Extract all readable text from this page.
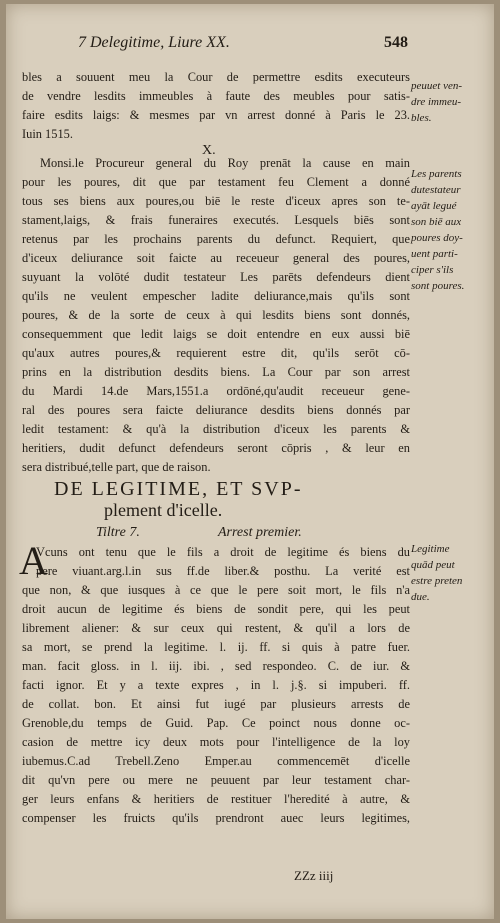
7 Delegitime, Liure XX.	548
bles a souuent meu la Cour de permettre esdits executeurs
de vendre lesdits immeubles à faute des meubles pour satis-
faire esdits laigs: & mesmes par vn arrest donné à Paris le 23.
Iuin 1515.
peuuet ven-
dre immeu-
bles.
X.
Monsi.le Procureur general du Roy prenāt la cause en main
pour les poures, dit que par testament feu Clement a donné
tous ses biens aux poures,ou biē le reste d'iceux apres son te-
stament,laigs, & frais funeraires executés. Lesquels biēs sont
retenus par les prochains parents du defunct. Requiert, que
d'iceux deliurance soit faicte au receueur general des poures,
suyuant la volōté dudit testateur Les parēts defendeurs dient
qu'ils ne veulent empescher ladite deliurance,mais qu'ils sont
poures, & de la sorte de ceux à qui lesdits biens sont donnés,
consequemment que ledit laigs se doit entendre en eux aussi biē
qu'aux autres poures,& requierent estre dit, qu'ils serōt cō-
prins en la distribution desdits biens. La Cour par son arrest
du Mardi 14.de Mars,1551.a ordōné,qu'audit receueur gene-
ral des poures sera faicte deliurance desdits biens donnés par
ledit testament: & qu'à la distribution d'iceux les parents &
heritiers, dudit defunct defendeurs seront cōpris , & leur en
sera distribué,telle part, que de raison.
Les parents
dutestateur
ayāt legué
son biē aux
poures doy-
uent parti-
ciper s'ils
sont poures.
DE LEGITIME, ET SVP-
plement d'icelle.
Tiltre 7.	Arrest premier.
A
Vcuns ont tenu que le fils a droit de legitime és biens du
pere viuant.arg.l.in sus ff.de liber.& posthu. La verité est
que non, & que iusques à ce que le pere soit mort, le fils n'a
droit aucun de legitime és biens de sondit pere, qui les peut
librement aliener: & sur ceux qui restent, & qu'il a lors de
sa mort, se prend la legitime. l. ij. ff. si quis à patre fuer.
man. facit gloss. in l. iij. ibi. , sed respondeo. C. de iur. &
facti ignor. Et y a texte expres , in l. j.§. si impuberi. ff.
de collat. bon. Et ainsi fut iugé par plusieurs arrests de
Grenoble,du temps de Guid. Pap. Ce poinct nous donne oc-
casion de mettre icy deux mots pour l'intelligence de la loy
iubemus.C.ad Trebell.Zeno Emper.au commencemēt d'icelle
dit qu'vn pere ou mere ne peuuent par leur testament char-
ger leurs enfans & heritiers de restituer l'heredité à autre, &
compenser les fruicts qu'ils prendront auec leurs legitimes,
Legitime
quād peut
estre preten
due.
ZZz iiij
